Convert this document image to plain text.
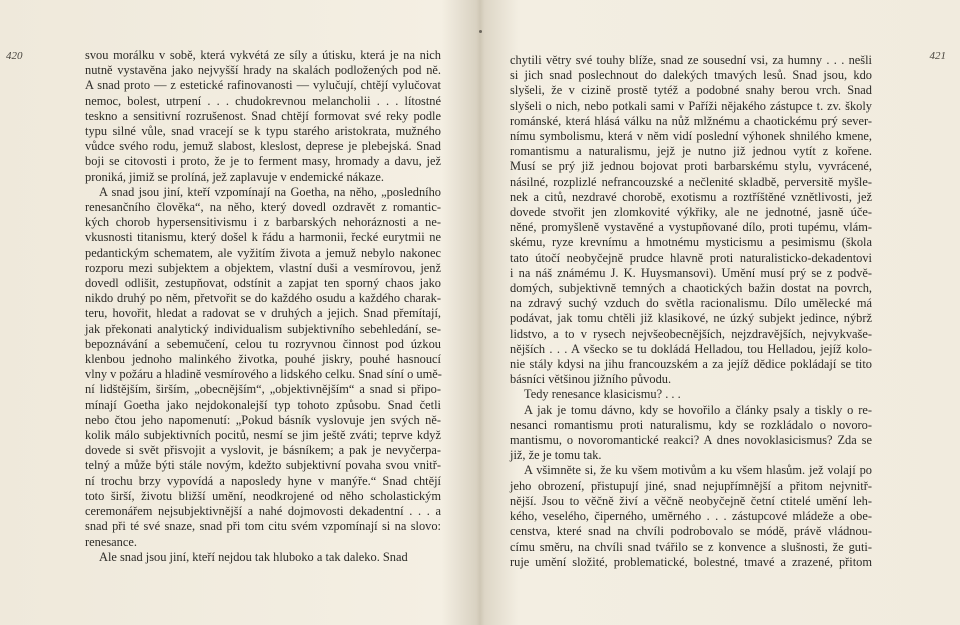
420	svou morálku v sobě, která vykvétá ze síly a útisku, která je na nich
nutně vystavěna jako nejvyšší hrady na skalách podložených pod ně.
A snad proto — z estetické rafinovanosti — vylučují, chtějí vylučovat
nemoc, bolest, utrpení . . . chudokrevnou melancholii . . . lítostné
teskno a sensitivní rozrušenost. Snad chtějí formovat své reky podle
typu silné vůle, snad vracejí se k typu starého aristokrata, mužného
vůdce svého rodu, jemuž slabost, kleslost, deprese je plebejská. Snad
boji se citovosti i proto, že je to ferment masy, hromady a davu, jež
proniká, jimiž se prolíná, jež zaplavuje v endemické nákaze.
A snad jsou jiní, kteří vzpomínají na Goetha, na něho, „posledního
renesančního člověka“, na něho, který dovedl ozdravět z romantic-
kých chorob hypersensitivismu i z barbarských nehoráznosti a ne-
vkusnosti titanismu, který došel k řádu a harmonii, řecké eurytmii ne
pedantickým schematem, ale vyžitím života a jemuž nebylo nakonec
rozporu mezi subjektem a objektem, vlastní duši a vesmírovou, jenž
dovedl odlišit, zestupňovat, odstínit a zapjat ten sporný chaos jako
nikdo druhý po něm, přetvořit se do každého osudu a každého charak-
teru, hovořit, hledat a radovat se v druhých a jejich. Snad přemítají,
jak překonati analytický individualism subjektivního sebehledání, se-
bepoznávání a sebemučení, celou tu rozryvnou činnost pod úzkou
klenbou jednoho malinkého životka, pouhé jiskry, pouhé hasnoucí
vlny v požáru a hladině vesmírového a lidského celku. Snad síní o umě-
ní lidštějším, širším, „obecnějším“, „objektivnějším“ a snad si připo-
mínají Goetha jako nejdokonalejší typ tohoto způsobu. Snad četli
nebo čtou jeho napomenutí: „Pokud básník vyslovuje jen svých ně-
kolik málo subjektivních pocitů, nesmí se jim ještě zváti; teprve když
dovede si svět přisvojit a vyslovit, je básníkem; a pak je nevyčerpa-
telný a může býti stále novým, kdežto subjektivní povaha svou vnitř-
ní trochu brzy vypovídá a naposledy hyne v manýře.“ Snad chtějí
toto širší, životu bližší umění, neodkrojené od něho scholastickým
ceremonářem nejsubjektivnější a nahé dojmovosti dekadentní . . . a
snad při té své snaze, snad při tom citu svém vzpomínají si na slovo:
renesance.
Ale snad jsou jiní, kteří nejdou tak hluboko a tak daleko. Snad
421
chytili větry své touhy blíže, snad ze sousední vsi, za humny . . . nešli
si jich snad poslechnout do dalekých tmavých lesů. Snad jsou, kdo
slyšeli, že v cizině prostě tytéž a podobné snahy berou vrch. Snad
slyšeli o nich, nebo potkali sami v Paříži nějakého zástupce t. zv. školy
románské, která hlásá válku na nůž mlžnému a chaotickému prý sever-
nímu symbolismu, která v něm vidí poslední výhonek shnilého kmene,
romantismu a naturalismu, jejž je nutno již jednou vytít z kořene.
Musí se prý již jednou bojovat proti barbarskému stylu, vyvrácené,
násilné, rozplizlé nefrancouzské a nečlenité skladbě, perversitě myšle-
nek a citů, nezdravé chorobě, exotismu a roztříštěné vznětlivosti, jež
dovede stvořit jen zlomkovité výkřiky, ale ne jednotné, jasně úče-
něné, promyšleně vystavěné a vystupňované dílo, proti tupému, vlám-
skému, ryze krevnímu a hmotnému mysticismu a pesimismu (škola
tato útočí neobyčejně prudce hlavně proti naturalisticko-dekadentovi
i na náš známému J. K. Huysmansovi). Umění musí prý se z podvě-
domých, subjektivně temných a chaotických bažin dostat na povrch,
na zdravý suchý vzduch do světla racionalismu. Dílo umělecké má
podávat, jak tomu chtěli již klasikové, ne úzký subjekt jedince, nýbrž
lidstvo, a to v rysech nejvšeobecnějších, nejzdravějších, nejvykvaše-
nějších . . . A všecko se tu dokládá Helladou, tou Helladou, jejíž kolo-
nie stály kdysi na jihu francouzském a za jejíž dědice pokládají se tito
básníci většinou jižního původu.
Tedy renesance klasicismu? . . .
A jak je tomu dávno, kdy se hovořilo a články psaly a tiskly o re-
nesanci romantismu proti naturalismu, kdy se rozkládalo o novoro-
mantismu, o novoromantické reakci? A dnes novoklasicismus? Zda se
již, že je tomu tak.
A všimněte si, že ku všem motivům a ku všem hlasům. jež volají po
jeho obrození, přistupují jiné, snad nejupřímnější a přitom nejvnitř-
nější. Jsou to věčně živí a věčně neobyčejně četní ctitelé umění leh-
kého, veselého, čiperného, uměrného . . . zástupcové mládeže a obe-
censtva, které snad na chvíli podrobovalo se módě, právě vládnou-
címu směru, na chvíli snad tvářilo se z konvence a slušnosti, že guti-
ruje umění složité, problematické, bolestné, tmavé a zrazené, přitom
